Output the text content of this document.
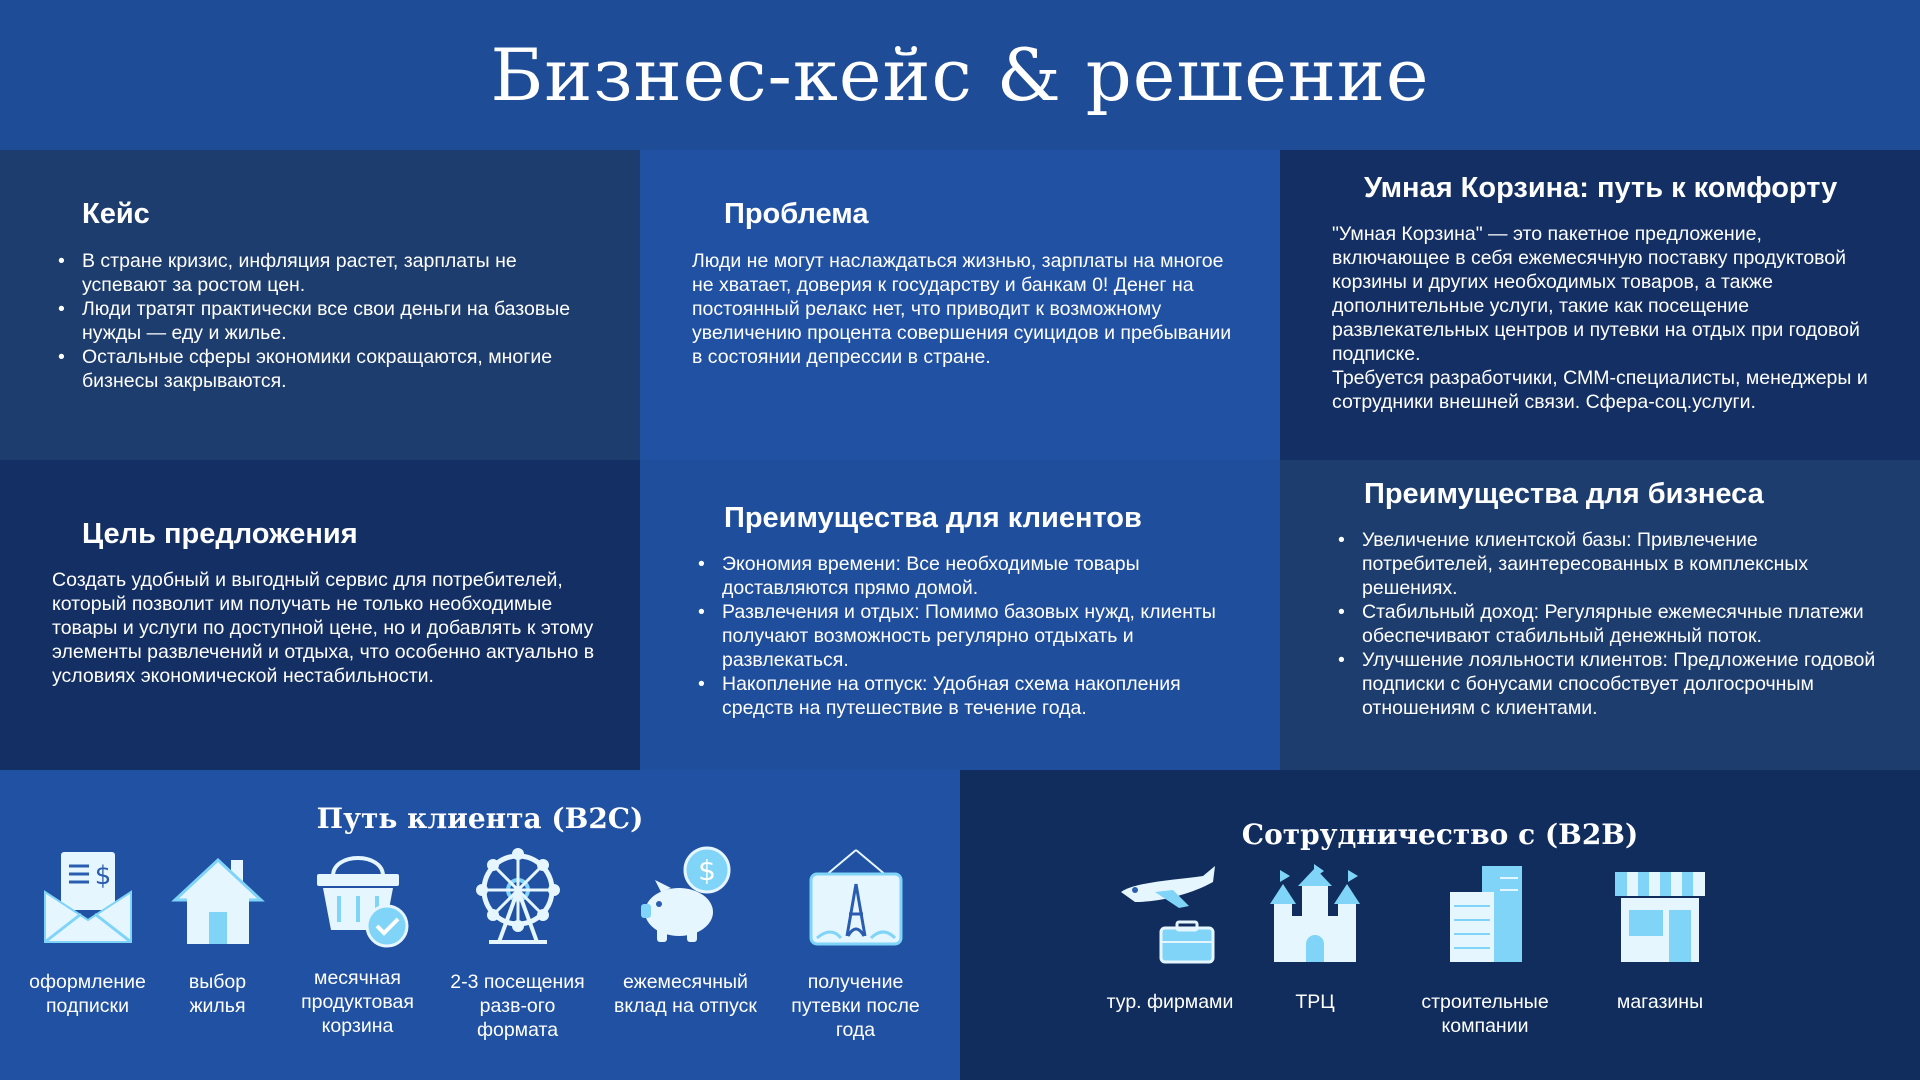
Бизнес-кейс & решение
Кейс
• В стране кризис, инфляция растет, зарплаты не успевают за ростом цен.
• Люди тратят практически все свои деньги на базовые нужды — еду и жилье.
• Остальные сферы экономики сокращаются, многие бизнесы закрываются.
Проблема
Люди не могут наслаждаться жизнью, зарплаты на многое не хватает, доверия к государству и банкам 0! Денег на постоянный релакс нет, что приводит к возможному увеличению процента совершения суицидов и пребывании в состоянии депрессии в стране.
Умная Корзина: путь к комфорту
"Умная Корзина" — это пакетное предложение, включающее в себя ежемесячную поставку продуктовой корзины и других необходимых товаров, а также дополнительные услуги, такие как посещение развлекательных центров и путевки на отдых при годовой подписке.
Требуется разработчики, СММ-специалисты, менеджеры и сотрудники внешней связи. Сфера-соц.услуги.
Цель предложения
Создать удобный и выгодный сервис для потребителей, который позволит им получать не только необходимые товары и услуги по доступной цене, но и добавлять к этому элементы развлечений и отдыха, что особенно актуально в условиях экономической нестабильности.
Преимущества для клиентов
• Экономия времени: Все необходимые товары доставляются прямо домой.
• Развлечения и отдых: Помимо базовых нужд, клиенты получают возможность регулярно отдыхать и развлекаться.
• Накопление на отпуск: Удобная схема накопления средств на путешествие в течение года.
Преимущества для бизнеса
• Увеличение клиентской базы: Привлечение потребителей, заинтересованных в комплексных решениях.
• Стабильный доход: Регулярные ежемесячные платежи обеспечивают стабильный денежный поток.
• Улучшение лояльности клиентов: Предложение годовой подписки с бонусами способствует долгосрочным отношениям с клиентами.
Путь клиента (B2C)
$
оформление подписки
выбор жилья
месячная продуктовая корзина
2-3 посещения разв-ого формата
$
ежемесячный вклад на отпуск
получение путевки после года
Сотрудничество с (B2B)
тур. фирмами	ТРЦ	строительные компании
магазины
